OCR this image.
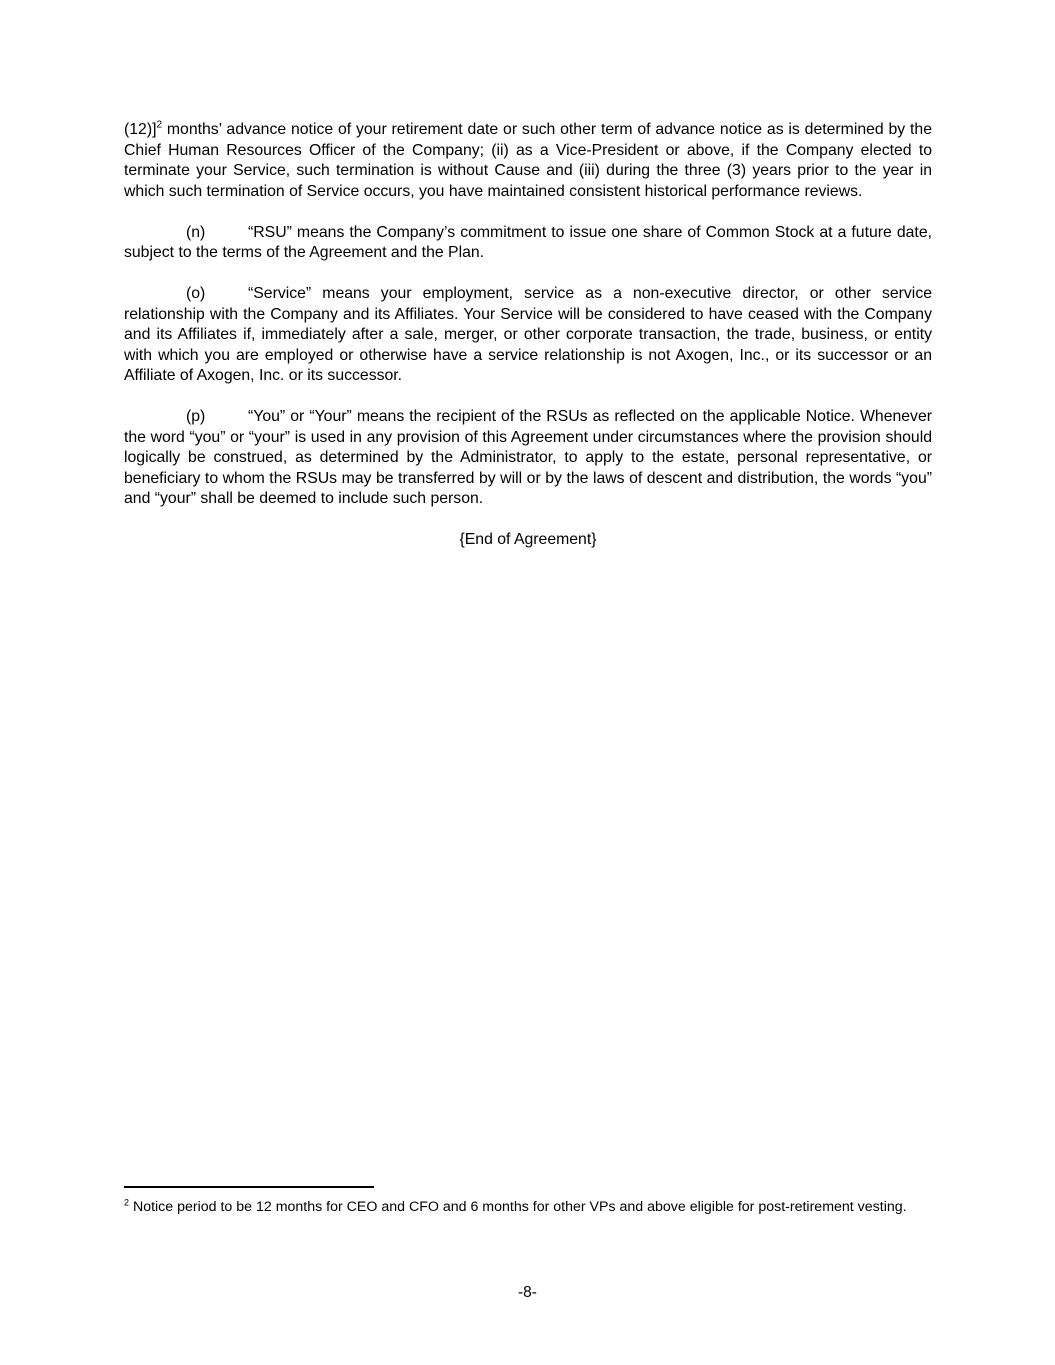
(12)]$^2$ months’ advance notice of your retirement date or such other term of advance notice as is determined by the Chief Human Resources Officer of the Company; (ii) as a Vice-President or above, if the Company elected to terminate your Service, such termination is without Cause and (iii) during the three (3) years prior to the year in which such termination of Service occurs, you have maintained consistent historical performance reviews.

(n)	“RSU” means the Company’s commitment to issue one share of Common Stock at a future date, subject to the terms of the Agreement and the Plan.

(o)	“Service” means your employment, service as a non-executive director, or other service relationship with the Company and its Affiliates. Your Service will be considered to have ceased with the Company and its Affiliates if, immediately after a sale, merger, or other corporate transaction, the trade, business, or entity with which you are employed or otherwise have a service relationship is not Axogen, Inc., or its successor or an Affiliate of Axogen, Inc. or its successor.

(p)	“You” or “Your” means the recipient of the RSUs as reflected on the applicable Notice. Whenever the word “you” or “your” is used in any provision of this Agreement under circumstances where the provision should logically be construed, as determined by the Administrator, to apply to the estate, personal representative, or beneficiary to whom the RSUs may be transferred by will or by the laws of descent and distribution, the words “you” and “your” shall be deemed to include such person.

{End of Agreement}

$^2$ Notice period to be 12 months for CEO and CFO and 6 months for other VPs and above eligible for post-retirement vesting.

-8-
